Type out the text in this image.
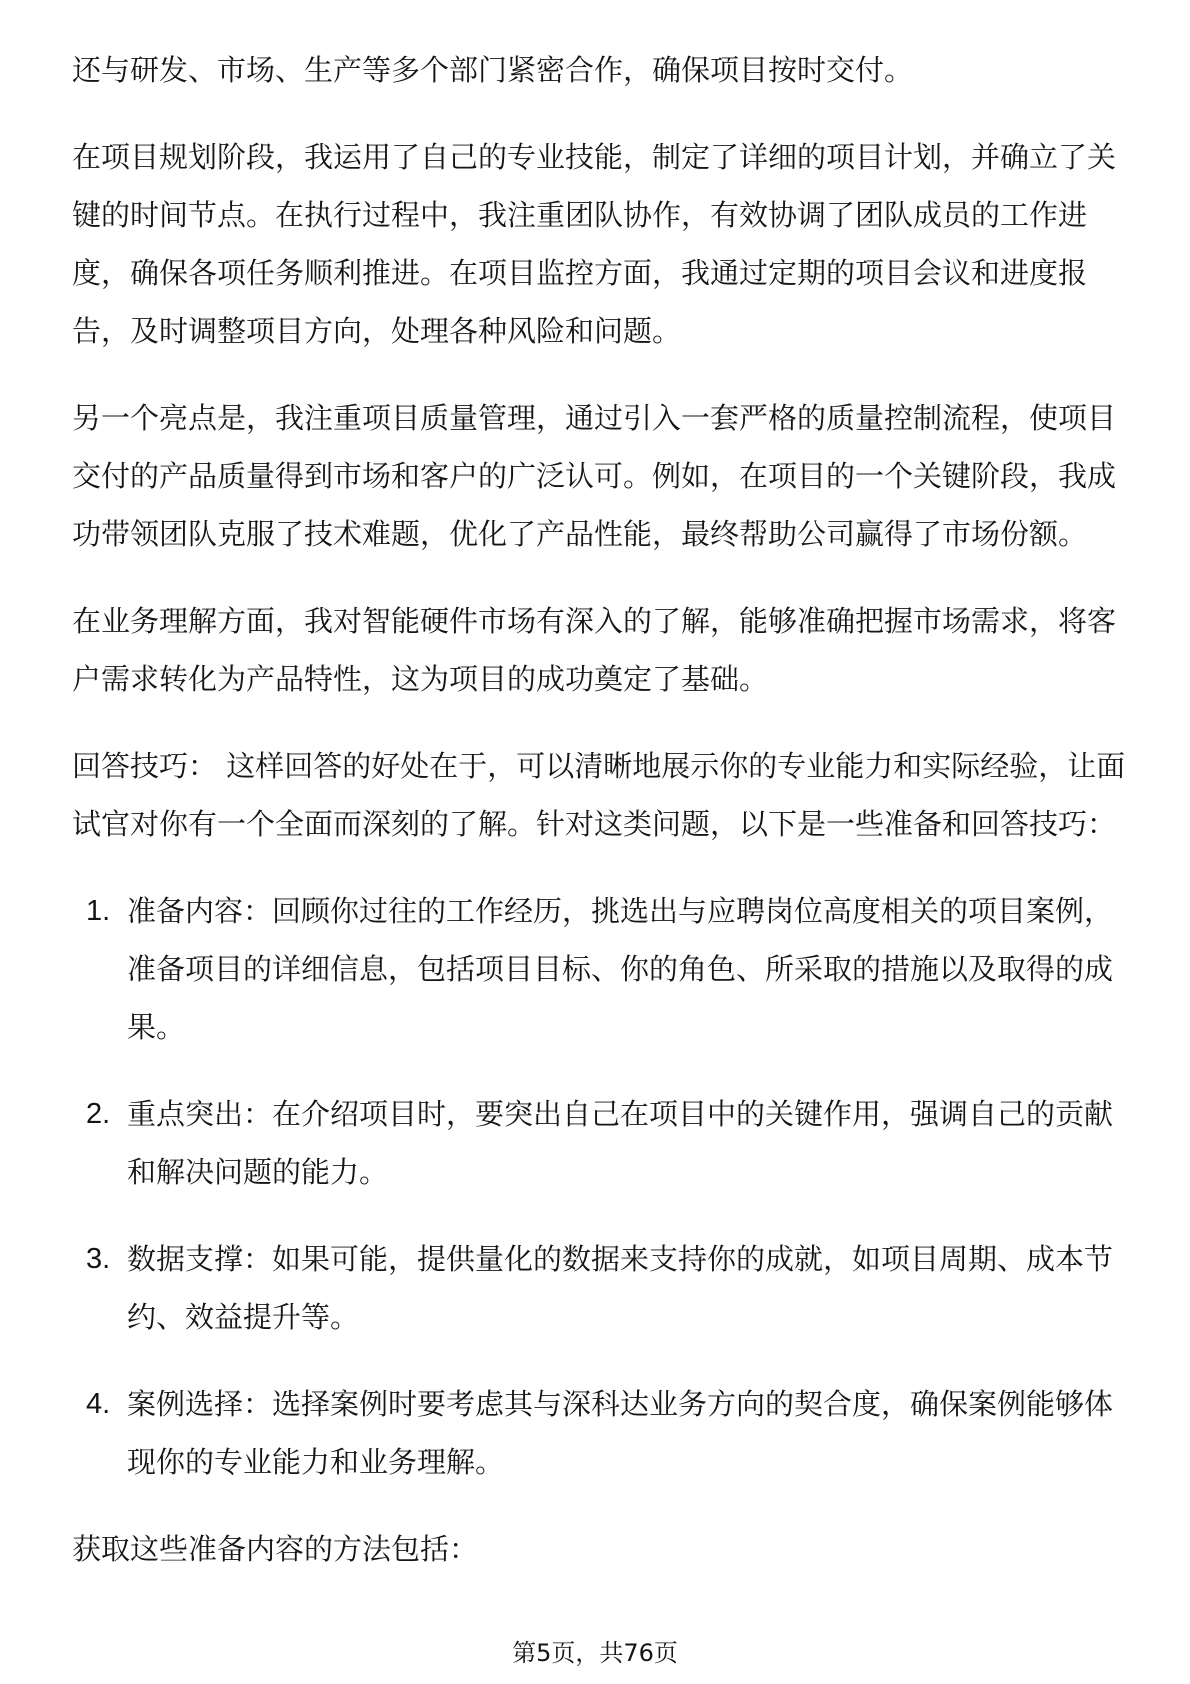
还与研发、市场、生产等多个部门紧密合作，确保项目按时交付。

在项目规划阶段，我运用了自己的专业技能，制定了详细的项目计划，并确立了关键的时间节点。在执行过程中，我注重团队协作，有效协调了团队成员的工作进度，确保各项任务顺利推进。在项目监控方面，我通过定期的项目会议和进度报告，及时调整项目方向，处理各种风险和问题。

另一个亮点是，我注重项目质量管理，通过引入一套严格的质量控制流程，使项目交付的产品质量得到市场和客户的广泛认可。例如，在项目的一个关键阶段，我成功带领团队克服了技术难题，优化了产品性能，最终帮助公司赢得了市场份额。

在业务理解方面，我对智能硬件市场有深入的了解，能够准确把握市场需求，将客户需求转化为产品特性，这为项目的成功奠定了基础。

回答技巧： 这样回答的好处在于，可以清晰地展示你的专业能力和实际经验，让面试官对你有一个全面而深刻的了解。针对这类问题，以下是一些准备和回答技巧：

1. 准备内容：回顾你过往的工作经历，挑选出与应聘岗位高度相关的项目案例，准备项目的详细信息，包括项目目标、你的角色、所采取的措施以及取得的成果。
2. 重点突出：在介绍项目时，要突出自己在项目中的关键作用，强调自己的贡献和解决问题的能力。
3. 数据支撑：如果可能，提供量化的数据来支持你的成就，如项目周期、成本节约、效益提升等。
4. 案例选择：选择案例时要考虑其与深科达业务方向的契合度，确保案例能够体现你的专业能力和业务理解。

获取这些准备内容的方法包括：

第5页，共76页
